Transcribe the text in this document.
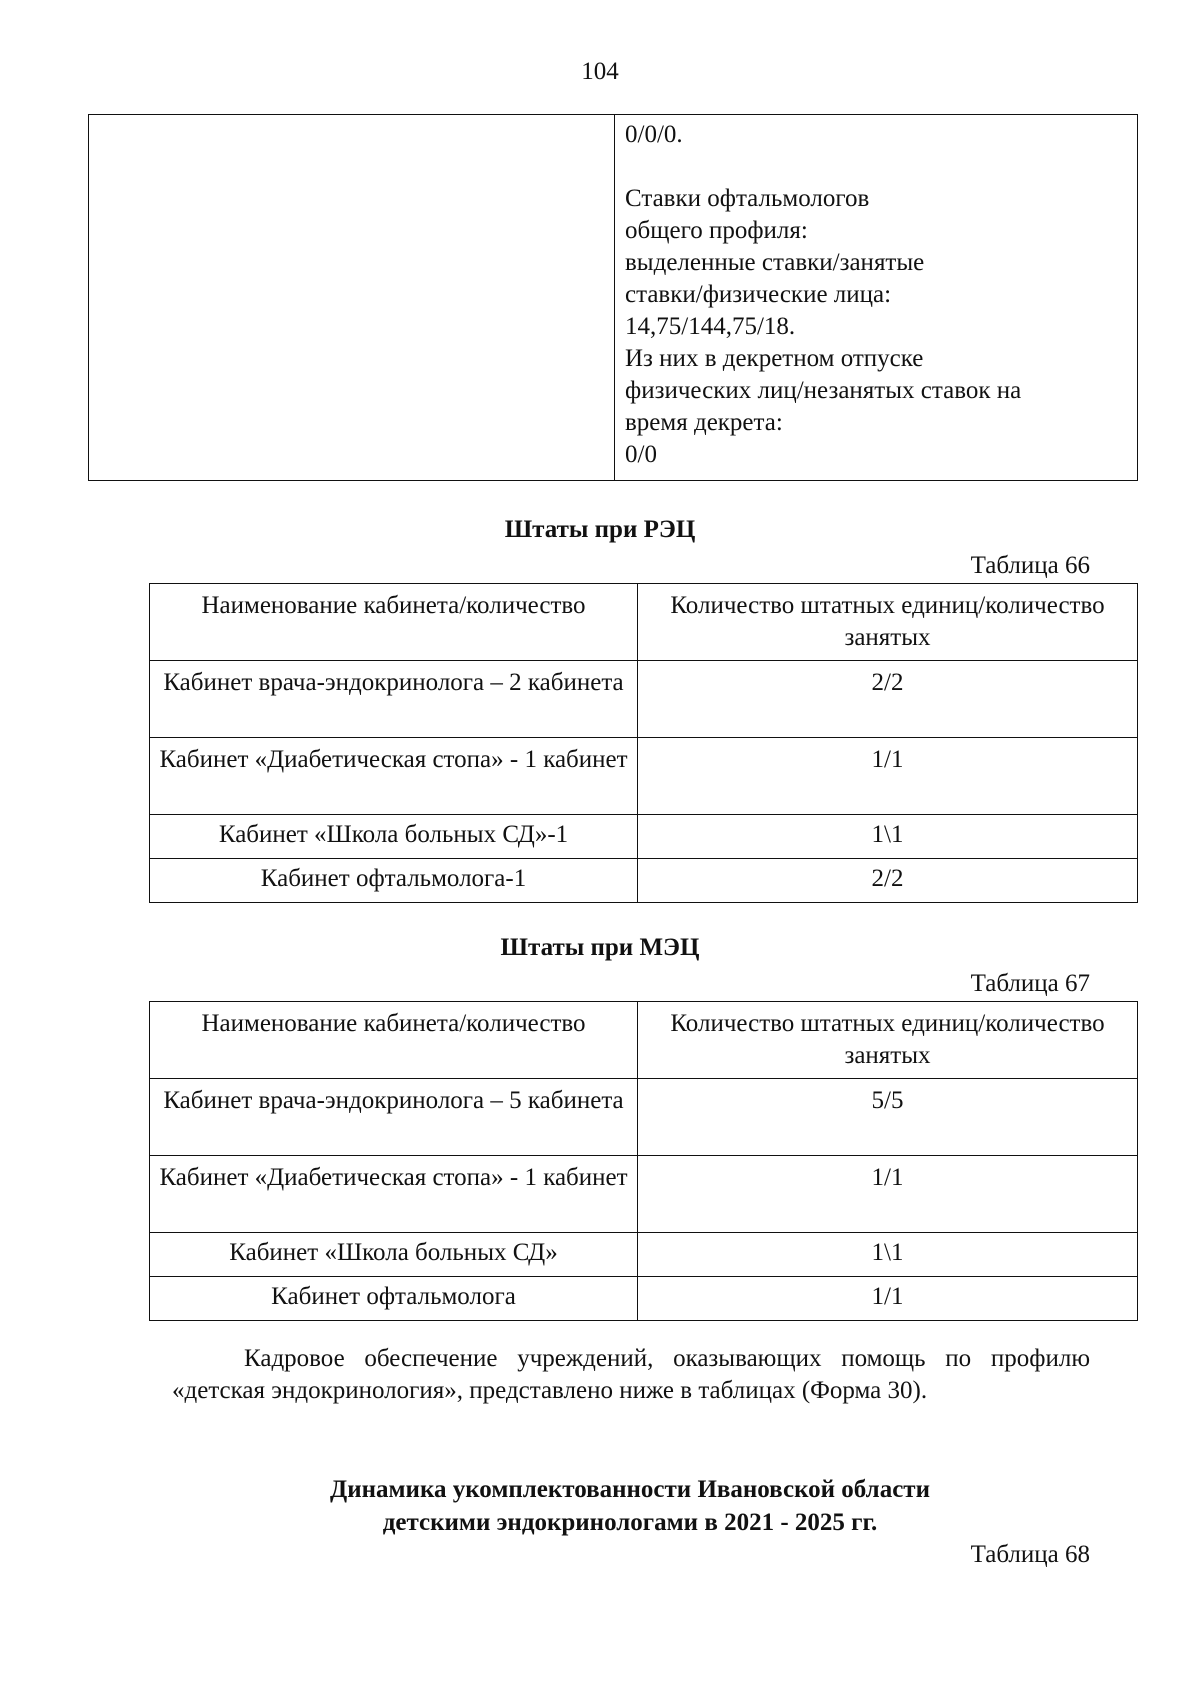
104

0/0/0.

Ставки офтальмологов

общего профиля:

выделенные ставки/занятые

ставки/физические лица:

14,75/144,75/18.

Из них в декретном отпуске

физических лиц/незанятых ставок на

время декрета:

0/0

Штаты при РЭЦ
Таблица 66
Наименование кабинета/количество	Количество штатных единиц/количество занятых
Кабинет врача-эндокринолога – 2 кабинета	2/2
Кабинет «Диабетическая стопа» - 1 кабинет	1/1
Кабинет «Школа больных СД»-1	1\1
Кабинет офтальмолога-1	2/2
Штаты при МЭЦ
Таблица 67
Наименование кабинета/количество	Количество штатных единиц/количество занятых
Кабинет врача-эндокринолога – 5 кабинета	5/5
Кабинет «Диабетическая стопа» - 1 кабинет	1/1
Кабинет «Школа больных СД»	1\1
Кабинет офтальмолога	1/1

Кадровое обеспечение учреждений, оказывающих помощь по профилю «детская эндокринология», представлено ниже в таблицах (Форма 30).

Динамика укомплектованности Ивановской области
детскими эндокринологами в 2021 - 2025 гг.
Таблица 68
